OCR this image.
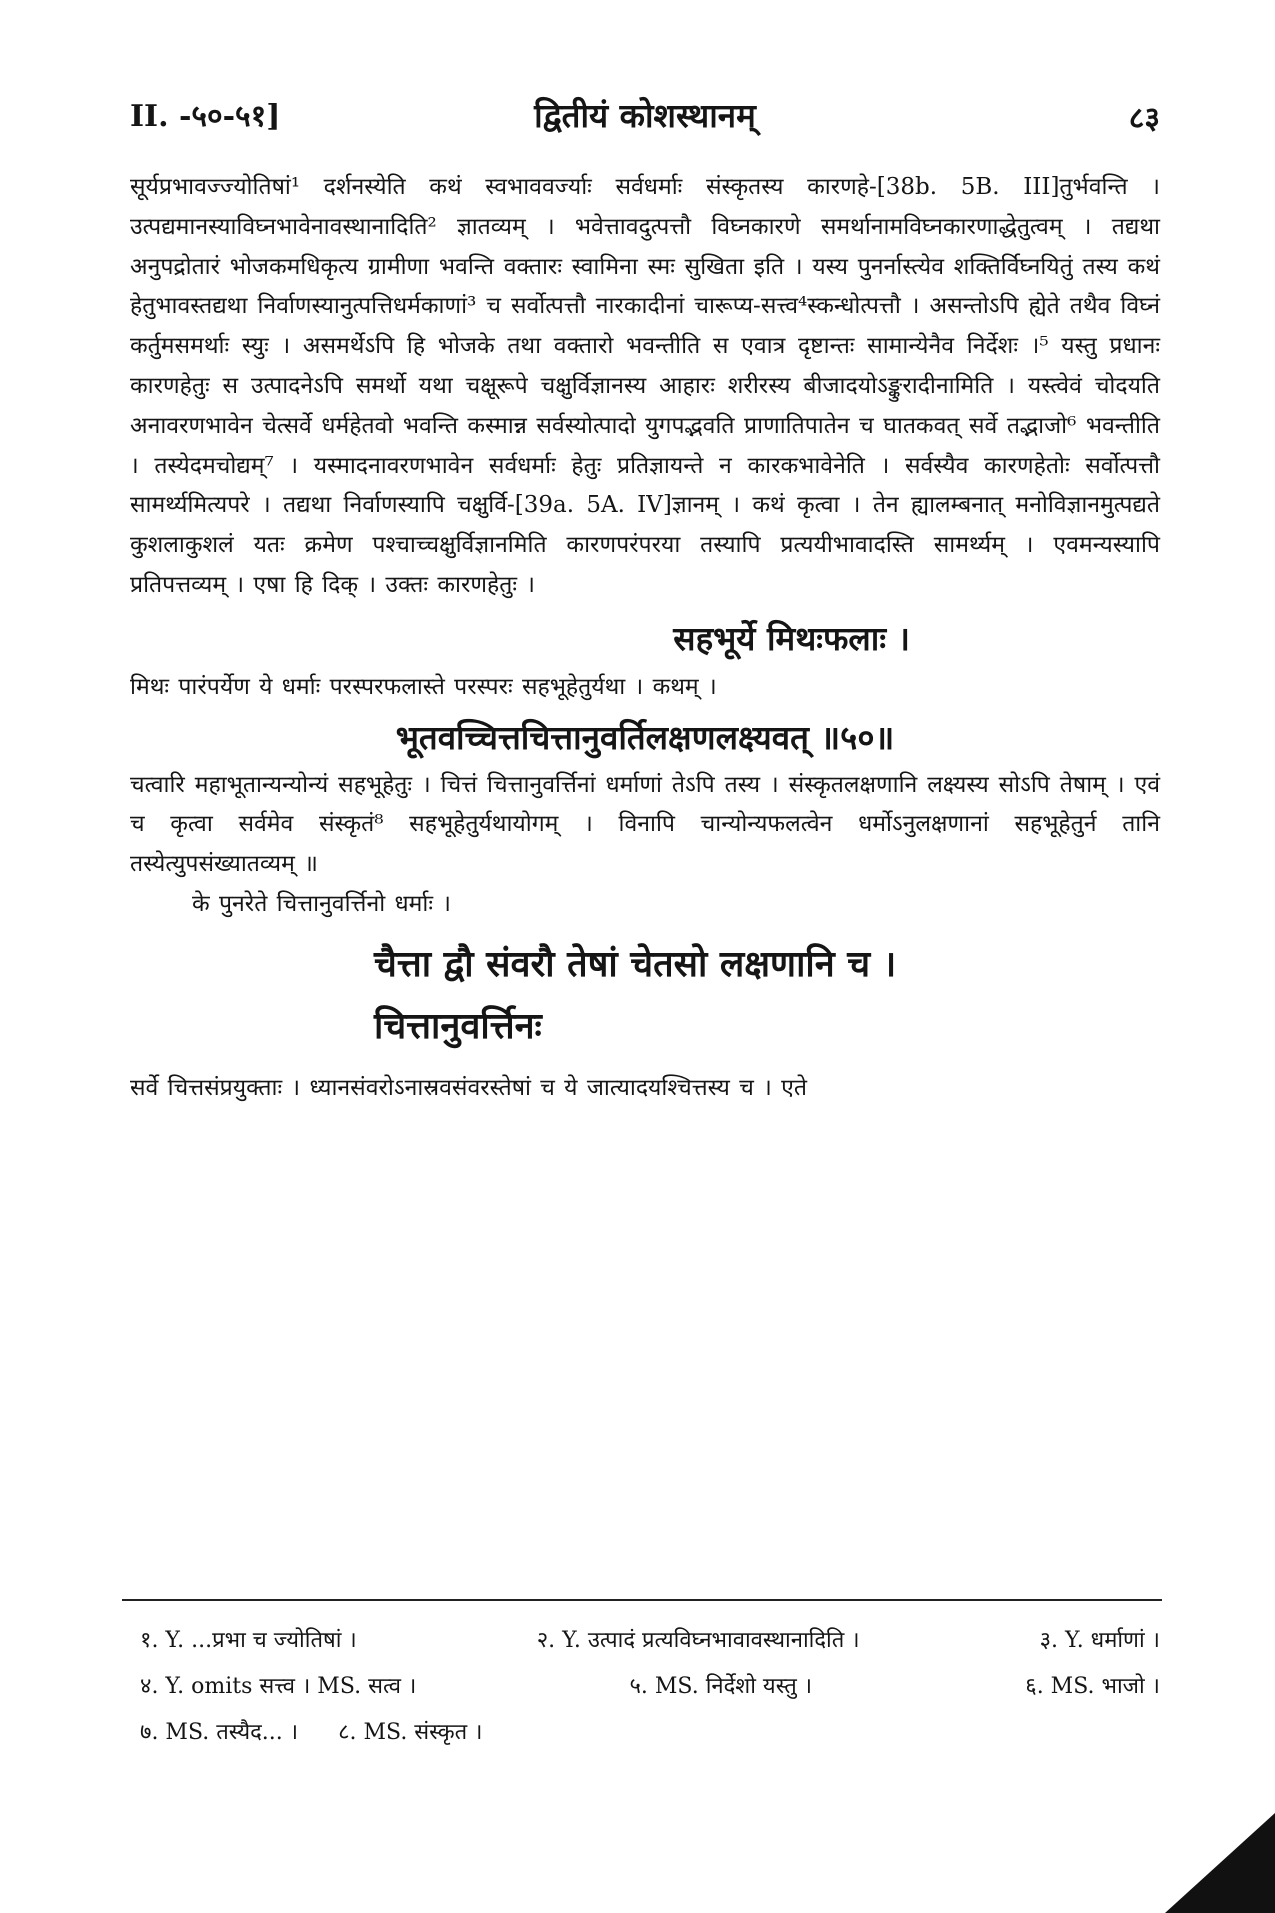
II. -५०-५१]	द्वितीयं कोशस्थानम्	८३

सूर्यप्रभावज्ज्योतिषां¹ दर्शनस्येति कथं स्वभाववर्ज्याः सर्वधर्माः संस्कृतस्य कारणहे-[38b. 5B. III]तुर्भवन्ति । उत्पद्यमानस्याविघ्नभावेनावस्थानादिति² ज्ञातव्यम् । भवेत्तावदुत्पत्तौ विघ्नकारणे समर्थानामविघ्नकारणाद्धेतुत्वम् । तद्यथा अनुपद्रोतारं भोजकमधिकृत्य ग्रामीणा भवन्ति वक्तारः स्वामिना स्मः सुखिता इति । यस्य पुनर्नास्त्येव शक्तिर्विघ्नयितुं तस्य कथं हेतुभावस्तद्यथा निर्वाणस्यानुत्पत्तिधर्मकाणां³ च सर्वोत्पत्तौ नारकादीनां चारूप्य-सत्त्व⁴स्कन्धोत्पत्तौ । असन्तोऽपि ह्येते तथैव विघ्नं कर्तुमसमर्थाः स्युः । असमर्थेऽपि हि भोजके तथा वक्तारो भवन्तीति स एवात्र दृष्टान्तः सामान्येनैव निर्देशः ।⁵ यस्तु प्रधानः कारणहेतुः स उत्पादनेऽपि समर्थो यथा चक्षूरूपे चक्षुर्विज्ञानस्य आहारः शरीरस्य बीजादयोऽङ्कुरादीनामिति । यस्त्वेवं चोदयति अनावरणभावेन चेत्सर्वे धर्महेतवो भवन्ति कस्मान्न सर्वस्योत्पादो युगपद्भवति प्राणातिपातेन च घातकवत् सर्वे तद्भाजो⁶ भवन्तीति । तस्येदमचोद्यम्⁷ । यस्मादनावरणभावेन सर्वधर्माः हेतुः प्रतिज्ञायन्ते न कारकभावेनेति । सर्वस्यैव कारणहेतोः सर्वोत्पत्तौ सामर्थ्यमित्यपरे । तद्यथा निर्वाणस्यापि चक्षुर्वि-[39a. 5A. IV]ज्ञानम् । कथं कृत्वा । तेन ह्यालम्बनात् मनोविज्ञानमुत्पद्यते कुशलाकुशलं यतः क्रमेण पश्चाच्चक्षुर्विज्ञानमिति कारणपरंपरया तस्यापि प्रत्ययीभावादस्ति सामर्थ्यम् । एवमन्यस्यापि प्रतिपत्तव्यम् । एषा हि दिक् । उक्तः कारणहेतुः ।

सहभूर्ये मिथःफलाः ।

मिथः पारंपर्येण ये धर्माः परस्परफलास्ते परस्परः सहभूहेतुर्यथा । कथम् ।

भूतवच्चित्तचित्तानुवर्तिलक्षणलक्ष्यवत् ॥५०॥

चत्वारि महाभूतान्यन्योन्यं सहभूहेतुः । चित्तं चित्तानुवर्त्तिनां धर्माणां तेऽपि तस्य । संस्कृतलक्षणानि लक्ष्यस्य सोऽपि तेषाम् । एवं च कृत्वा सर्वमेव संस्कृतं⁸ सहभूहेतुर्यथायोगम् । विनापि चान्योन्यफलत्वेन धर्मोऽनुलक्षणानां सहभूहेतुर्न तानि तस्येत्युपसंख्यातव्यम् ॥

के पुनरेते चित्तानुवर्त्तिनो धर्माः ।

चैत्ता द्वौ संवरौ तेषां चेतसो लक्षणानि च ।
चित्तानुवर्त्तिनः

सर्वे चित्तसंप्रयुक्ताः । ध्यानसंवरोऽनास्रवसंवरस्तेषां च ये जात्यादयश्चित्तस्य च । एते

१. Y. ...प्रभा च ज्योतिषां ।	२. Y. उत्पादं प्रत्यविघ्नभावावस्थानादिति ।	३. Y. धर्माणां ।
४. Y. omits सत्त्व । MS. सत्व ।	५. MS. निर्देशो यस्तु ।	६. MS. भाजो ।
७. MS. तस्यैद... । ८. MS. संस्कृत ।
